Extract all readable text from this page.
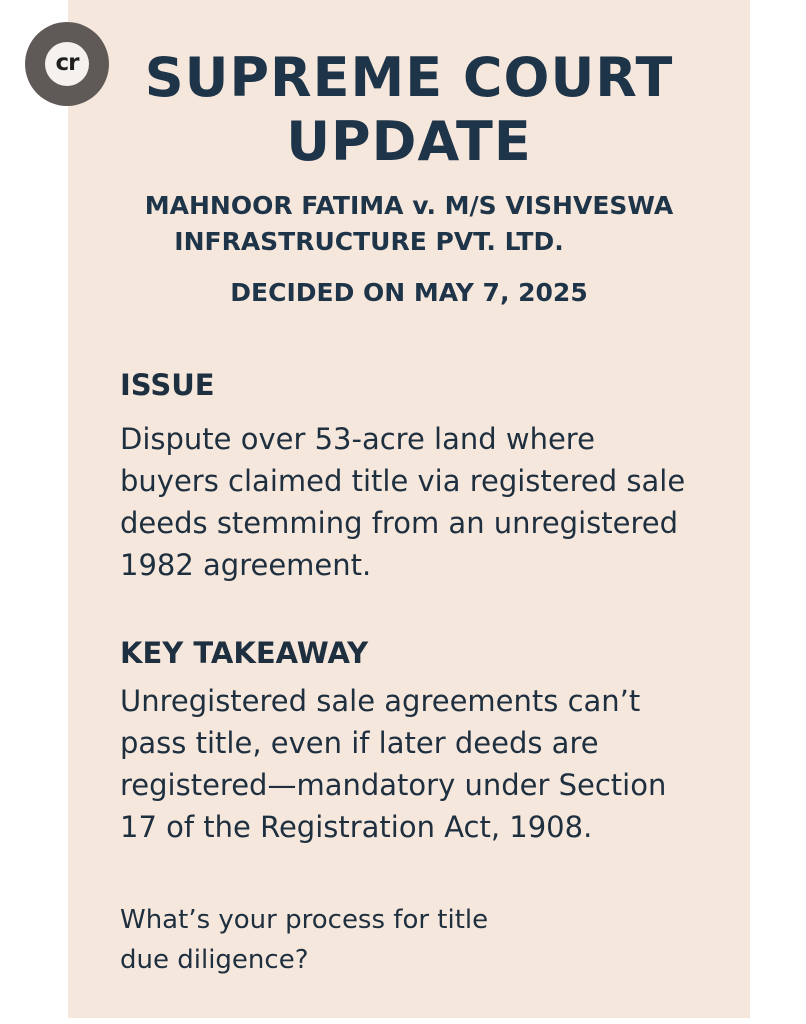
cr	SUPREME COURT
UPDATE
MAHNOOR FATIMA v. M/S VISHVESWA
INFRASTRUCTURE PVT. LTD.

DECIDED ON MAY 7, 2025

ISSUE

Dispute over 53-acre land where
buyers claimed title via registered sale
deeds stemming from an unregistered
1982 agreement.

KEY TAKEAWAY

Unregistered sale agreements can’t
pass title, even if later deeds are
registered—mandatory under Section
17 of the Registration Act, 1908.

What’s your process for title
due diligence?
